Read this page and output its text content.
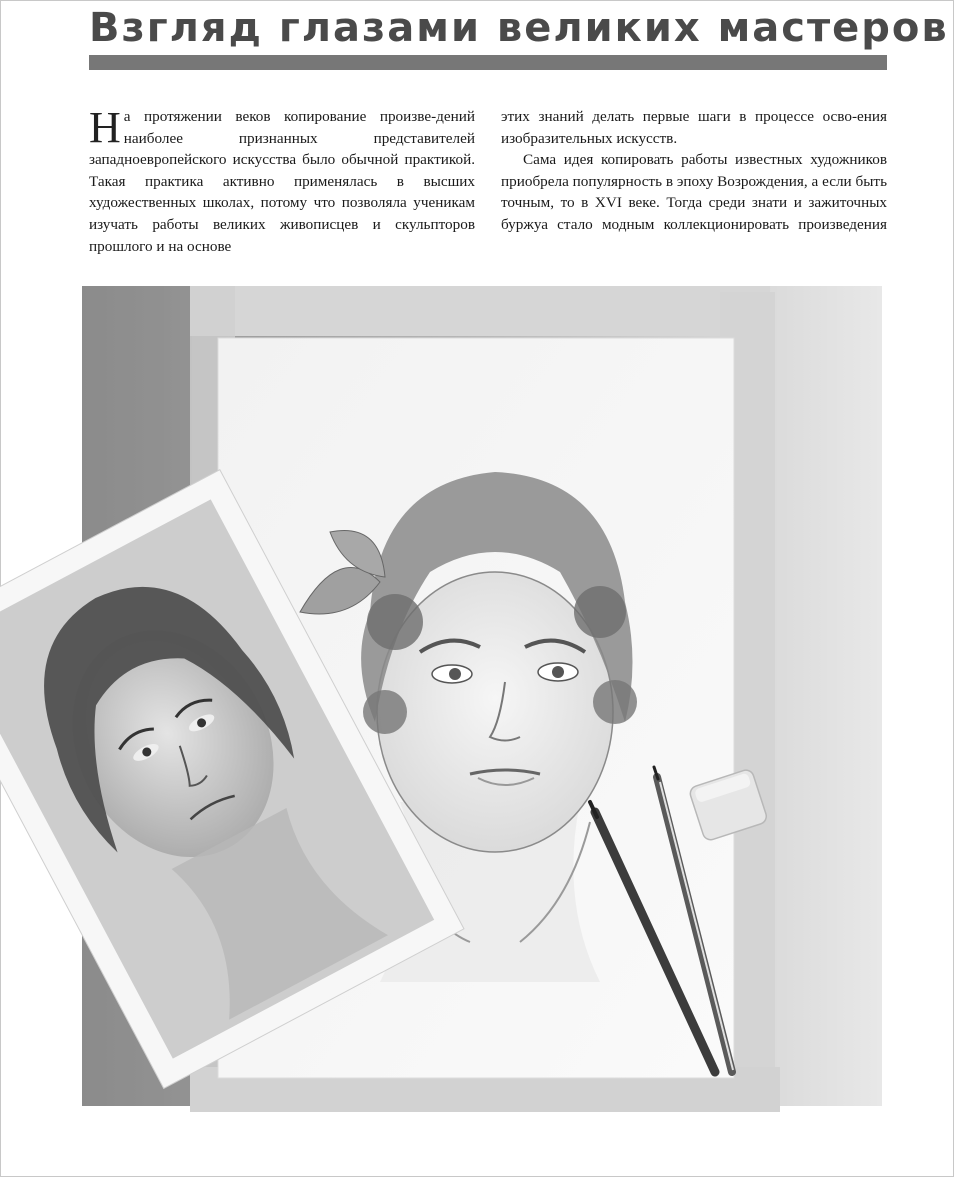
Взгляд глазами великих мастеров

На протяжении веков копирование произве-дений наиболее признанных представителей западноевропейского искусства было обычной практикой. Такая практика активно применялась в высших художественных школах, потому что позволяла ученикам изучать работы великих живописцев и скульпторов прошлого и на основе

этих знаний делать первые шаги в процессе осво-ения изобразительных искусств.

Сама идея копировать работы известных художников приобрела популярность в эпоху Возрождения, а если быть точным, то в XVI веке. Тогда среди знати и зажиточных буржуа стало модным коллекционировать произведения
